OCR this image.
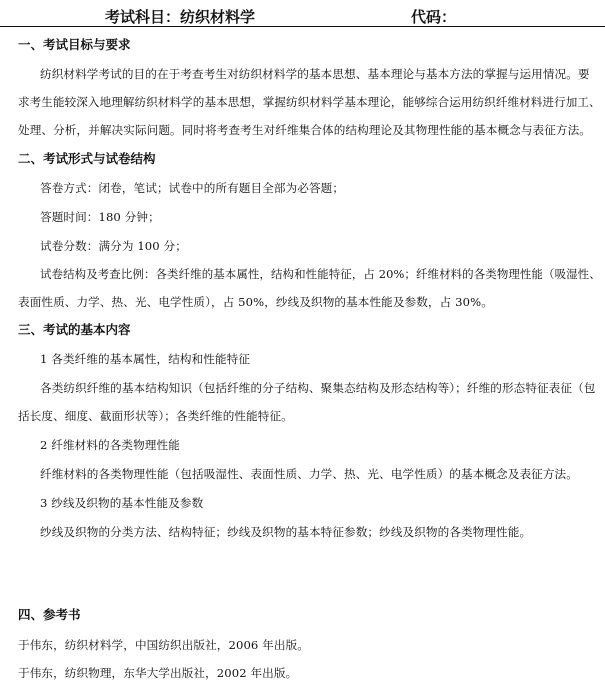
考试科目：纺织材料学	代码：
一、考试目标与要求
纺织材料学考试的目的在于考查考生对纺织材料学的基本思想、基本理论与基本方法的掌握与运用情况。要
求考生能较深入地理解纺织材料学的基本思想，掌握纺织材料学基本理论，能够综合运用纺织纤维材料进行加工、
处理、分析，并解决实际问题。同时将考查考生对纤维集合体的结构理论及其物理性能的基本概念与表征方法。
二、考试形式与试卷结构
答卷方式：闭卷，笔试；试卷中的所有题目全部为必答题；
答题时间：180 分钟；
试卷分数：满分为 100 分；
试卷结构及考查比例：各类纤维的基本属性，结构和性能特征，占 20%；纤维材料的各类物理性能（吸湿性、
表面性质、力学、热、光、电学性质），占 50%，纱线及织物的基本性能及参数，占 30%。
三、考试的基本内容
1 各类纤维的基本属性，结构和性能特征
各类纺织纤维的基本结构知识（包括纤维的分子结构、聚集态结构及形态结构等）；纤维的形态特征表征（包
括长度、细度、截面形状等）；各类纤维的性能特征。
2 纤维材料的各类物理性能
纤维材料的各类物理性能（包括吸湿性、表面性质、力学、热、光、电学性质）的基本概念及表征方法。
3 纱线及织物的基本性能及参数
纱线及织物的分类方法、结构特征；纱线及织物的基本特征参数；纱线及织物的各类物理性能。
四、参考书
于伟东，纺织材料学，中国纺织出版社，2006 年出版。
于伟东，纺织物理，东华大学出版社，2002 年出版。
